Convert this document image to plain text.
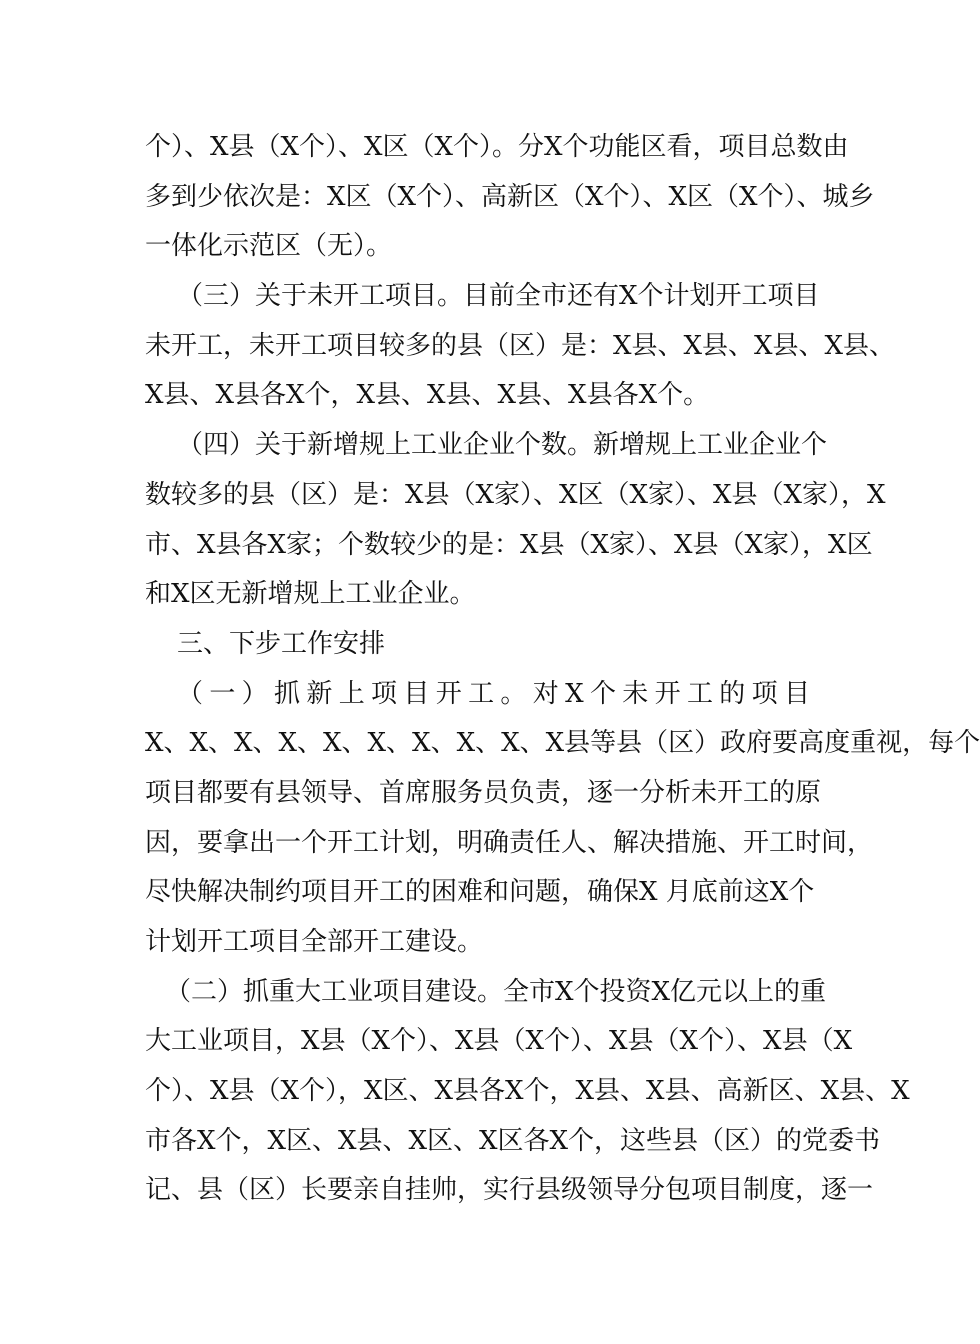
个）、X县（X个）、X区（X个）。分X个功能区看，项目总数由
多到少依次是：X区（X个）、高新区（X个）、X区（X个）、城乡
一体化示范区（无）。
（三）关于未开工项目。目前全市还有X个计划开工项目
未开工，未开工项目较多的县（区）是：X县、X县、X县、X县、
X县、X县各X个，X县、X县、X县、X县各X个。
（四）关于新增规上工业企业个数。新增规上工业企业个
数较多的县（区）是：X县（X家）、X区（X家）、X县（X家），X
市、X县各X家；个数较少的是：X县（X家）、X县（X家），X区
和X区无新增规上工业企业。
三、下步工作安排
（一）抓新上项目开工。对X个未开工的项目
X、X、X、X、X、X、X、X、X、X县等县（区）政府要高度重视，每个
项目都要有县领导、首席服务员负责，逐一分析未开工的原
因，要拿出一个开工计划，明确责任人、解决措施、开工时间，
尽快解决制约项目开工的困难和问题，确保X 月底前这X个
计划开工项目全部开工建设。
（二）抓重大工业项目建设。全市X个投资X亿元以上的重
大工业项目，X县（X个）、X县（X个）、X县（X个）、X县（X
个）、X县（X个），X区、X县各X个，X县、X县、高新区、X县、X
市各X个，X区、X县、X区、X区各X个，这些县（区）的党委书
记、县（区）长要亲自挂帅，实行县级领导分包项目制度，逐一
